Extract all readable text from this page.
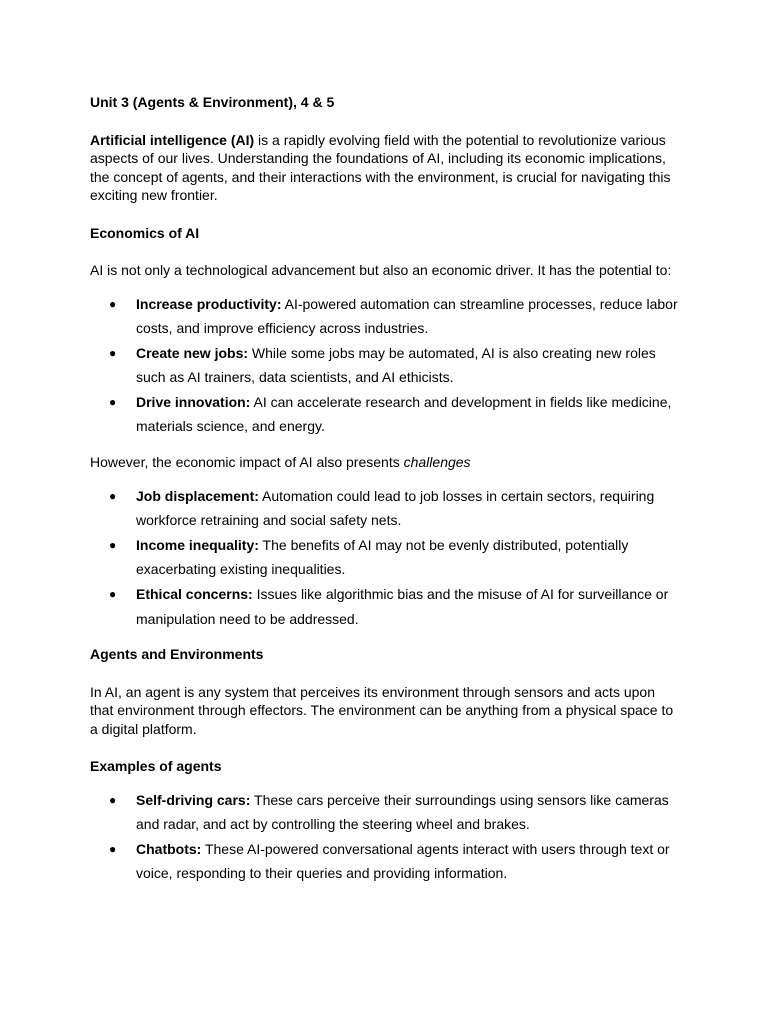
Unit 3 (Agents & Environment), 4 & 5

Artificial intelligence (AI) is a rapidly evolving field with the potential to revolutionize various aspects of our lives. Understanding the foundations of AI, including its economic implications, the concept of agents, and their interactions with the environment, is crucial for navigating this exciting new frontier.

Economics of AI

AI is not only a technological advancement but also an economic driver. It has the potential to:

● Increase productivity: AI-powered automation can streamline processes, reduce labor costs, and improve efficiency across industries.
● Create new jobs: While some jobs may be automated, AI is also creating new roles such as AI trainers, data scientists, and AI ethicists.
● Drive innovation: AI can accelerate research and development in fields like medicine, materials science, and energy.

However, the economic impact of AI also presents challenges

● Job displacement: Automation could lead to job losses in certain sectors, requiring workforce retraining and social safety nets.
● Income inequality: The benefits of AI may not be evenly distributed, potentially exacerbating existing inequalities.
● Ethical concerns: Issues like algorithmic bias and the misuse of AI for surveillance or manipulation need to be addressed.
Agents and Environments

In AI, an agent is any system that perceives its environment through sensors and acts upon that environment through effectors. The environment can be anything from a physical space to a digital platform.

Examples of agents
● Self-driving cars: These cars perceive their surroundings using sensors like cameras and radar, and act by controlling the steering wheel and brakes.
● Chatbots: These AI-powered conversational agents interact with users through text or voice, responding to their queries and providing information.
